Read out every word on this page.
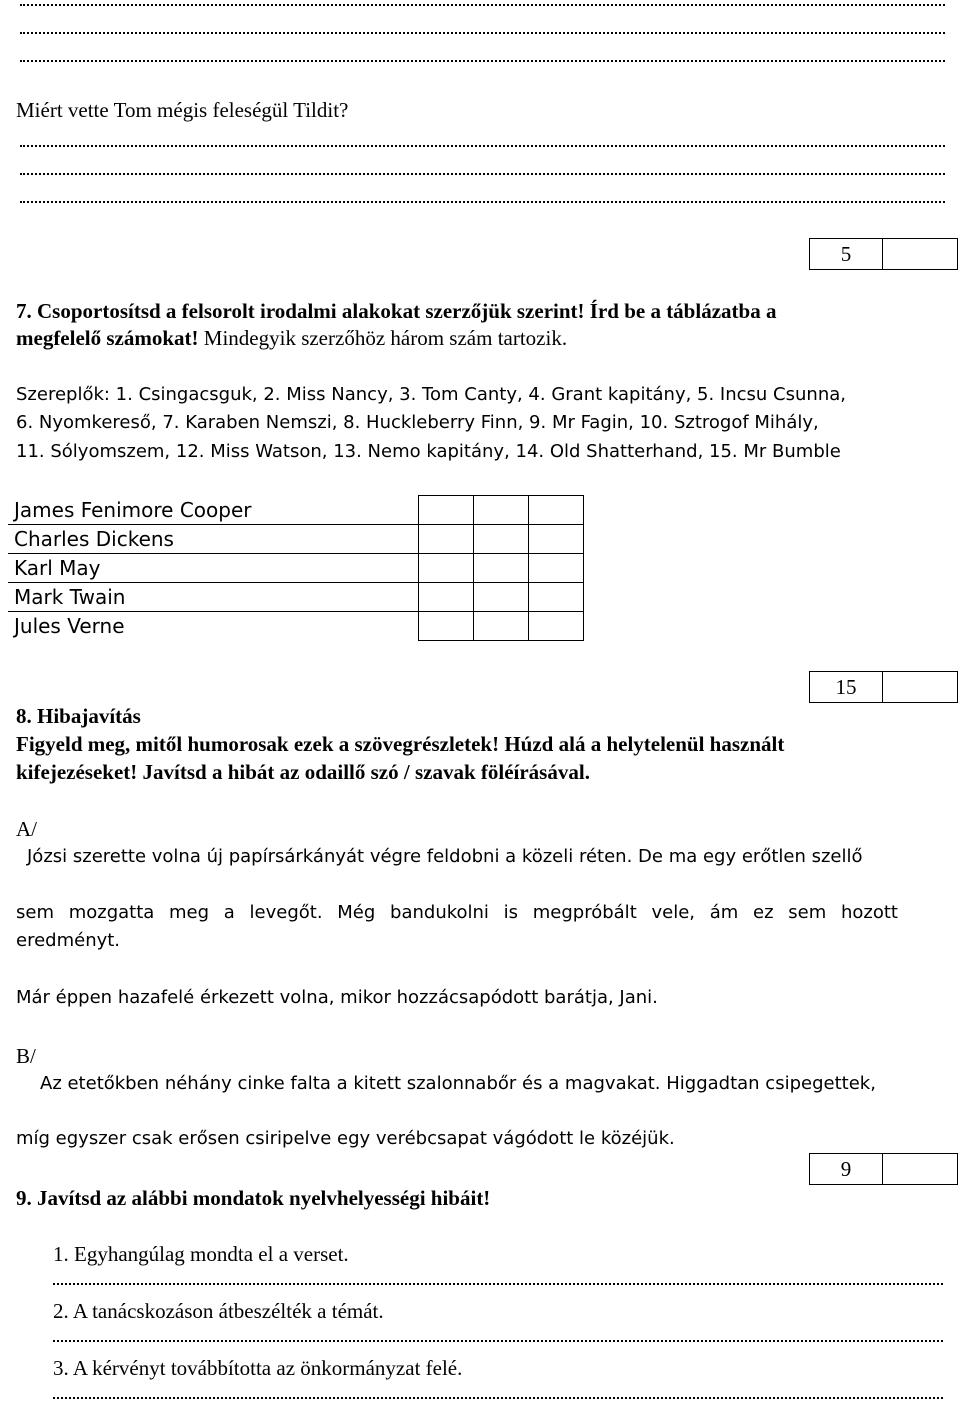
Miért vette Tom mégis feleségül Tildit?
5
7. Csoportosítsd a felsorolt irodalmi alakokat szerzőjük szerint! Írd be a táblázatba a
megfelelő számokat! Mindegyik szerzőhöz három szám tartozik.
Szereplők: 1. Csingacsguk, 2. Miss Nancy, 3. Tom Canty, 4. Grant kapitány, 5. Incsu Csunna,
6. Nyomkereső, 7. Karaben Nemszi, 8. Huckleberry Finn, 9. Mr Fagin, 10. Sztrogof Mihály,
11. Sólyomszem, 12. Miss Watson, 13. Nemo kapitány, 14. Old Shatterhand, 15. Mr Bumble
James Fenimore Cooper			
Charles Dickens			
Karl May			
Mark Twain			
Jules Verne			
15
8. Hibajavítás
Figyeld meg, mitől humorosak ezek a szövegrészletek! Húzd alá a helytelenül használt
kifejezéseket! Javítsd a hibát az odaillő szó / szavak föléírásával.
A/
Józsi szerette volna új papírsárkányát végre feldobni a közeli réten. De ma egy erőtlen szellő
sem mozgatta meg a levegőt. Még bandukolni is megpróbált vele, ám ez sem hozott
eredményt.
Már éppen hazafelé érkezett volna, mikor hozzácsapódott barátja, Jani.
B/
Az etetőkben néhány cinke falta a kitett szalonnabőr és a magvakat. Higgadtan csipegettek,
míg egyszer csak erősen csiripelve egy verébcsapat vágódott le közéjük.
9
9. Javítsd az alábbi mondatok nyelvhelyességi hibáit!
1. Egyhangúlag mondta el a verset.
2. A tanácskozáson átbeszélték a témát.
3. A kérvényt továbbította az önkormányzat felé.
